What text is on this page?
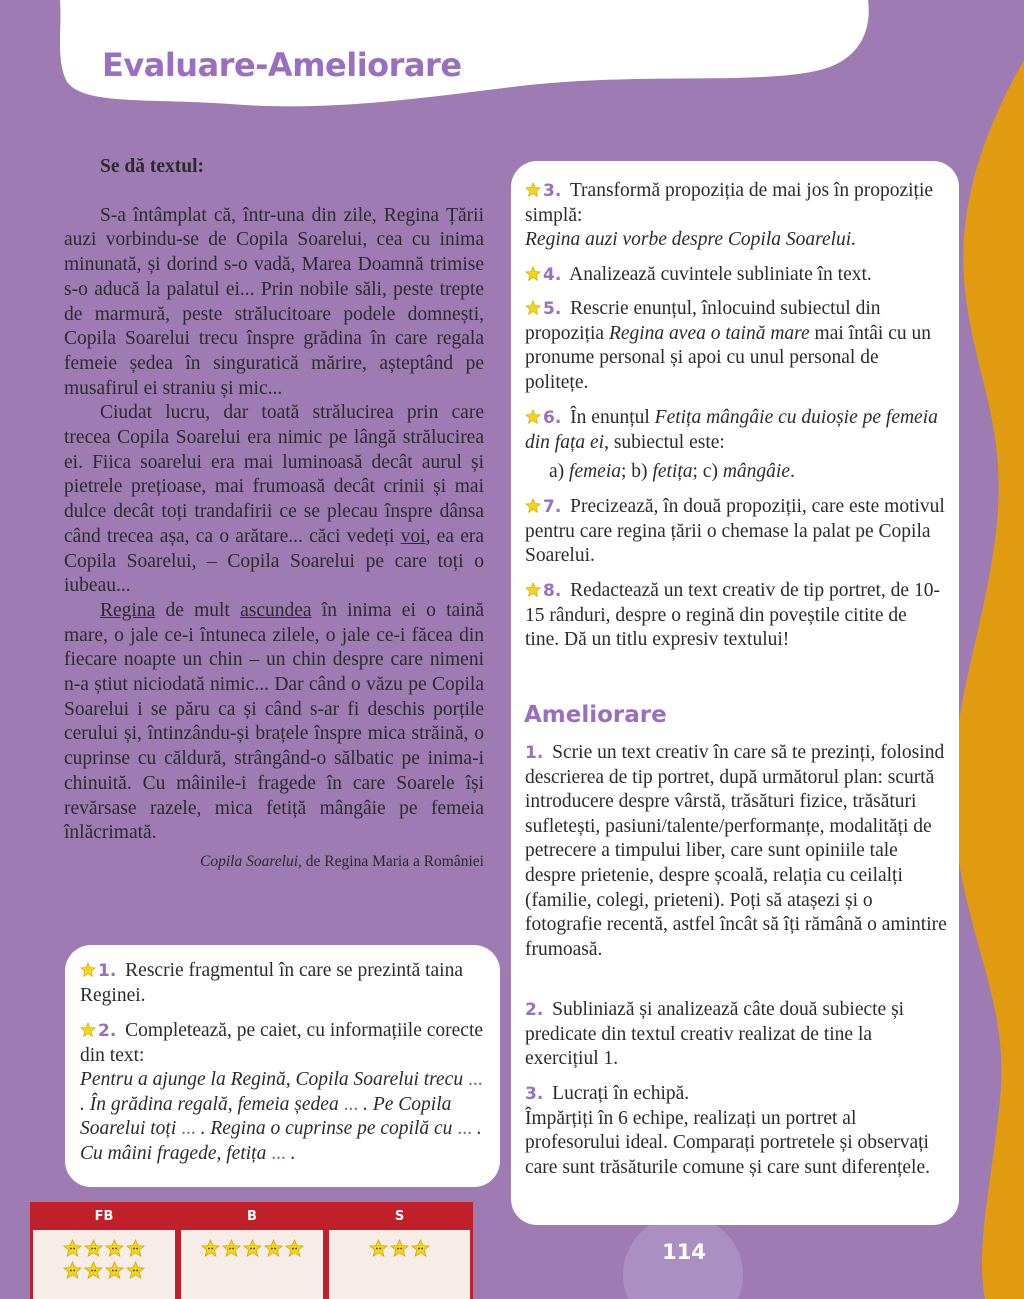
Evaluare-Ameliorare
Se dă textul:

S-a întâmplat că, într-una din zile, Regina Țării auzi vorbindu-se de Copila Soarelui, cea cu inima minunată, și dorind s-o vadă, Marea Doamnă trimise s-o aducă la palatul ei... Prin nobile săli, peste trepte de marmură, peste strălucitoare podele domnești, Copila Soarelui trecu înspre grădina în care regala femeie ședea în singuratică mărire, așteptând pe musafirul ei straniu și mic...

Ciudat lucru, dar toată strălucirea prin care trecea Copila Soarelui era nimic pe lângă strălucirea ei. Fiica soarelui era mai luminoasă decât aurul și pietrele prețioase, mai frumoasă decât crinii și mai dulce decât toți trandafirii ce se plecau înspre dânsa când trecea așa, ca o arătare... căci vedeți voi, ea era Copila Soarelui, – Copila Soarelui pe care toți o iubeau...

Regina de mult ascundea în inima ei o taină mare, o jale ce-i întuneca zilele, o jale ce-i făcea din fiecare noapte un chin – un chin despre care nimeni n-a știut niciodată nimic... Dar când o văzu pe Copila Soarelui i se păru ca și când s-ar fi deschis porțile cerului și, întinzându-și brațele înspre mica străină, o cuprinse cu căldură, strângând-o sălbatic pe inima-i chinuită. Cu mâinile-i fragede în care Soarele își revărsase razele, mica fetiță mângâie pe femeia înlăcrimată.

Copila Soarelui, de Regina Maria a României
1. Rescrie fragmentul în care se prezintă taina Reginei.
2. Completează, pe caiet, cu informațiile corecte din text:
Pentru a ajunge la Regină, Copila Soarelui trecu ... . În grădina regală, femeia ședea ... . Pe Copila Soarelui toți ... . Regina o cuprinse pe copilă cu ... . Cu mâini fragede, fetița ... .
3. Transformă propoziția de mai jos în propoziție simplă:
Regina auzi vorbe despre Copila Soarelui.
4. Analizează cuvintele subliniate în text.
5. Rescrie enunțul, înlocuind subiectul din propoziția Regina avea o taină mare mai întâi cu un pronume personal și apoi cu unul personal de politețe.
6. În enunțul Fetița mângâie cu duioșie pe femeia din fața ei, subiectul este:
a) femeia; b) fetița; c) mângâie.
7. Precizează, în două propoziții, care este motivul pentru care regina țării o chemase la palat pe Copila Soarelui.
8. Redactează un text creativ de tip portret, de 10-15 rânduri, despre o regină din poveștile citite de tine. Dă un titlu expresiv textului!
Ameliorare
1. Scrie un text creativ în care să te prezinți, folosind descrierea de tip portret, după următorul plan: scurtă introducere despre vârstă, trăsături fizice, trăsături sufletești, pasiuni/talente/performanțe, modalități de petrecere a timpului liber, care sunt opiniile tale despre prietenie, despre școală, relația cu ceilalți (familie, colegi, prieteni). Poți să atașezi și o fotografie recentă, astfel încât să îți rămână o amintire frumoasă.
2. Subliniază și analizează câte două subiecte și predicate din textul creativ realizat de tine la exercițiul 1.
3. Lucrați în echipă.
Împărțiți în 6 echipe, realizați un portret al profesorului ideal. Comparați portretele și observați care sunt trăsăturile comune și care sunt diferențele.
FB	B	S
114
